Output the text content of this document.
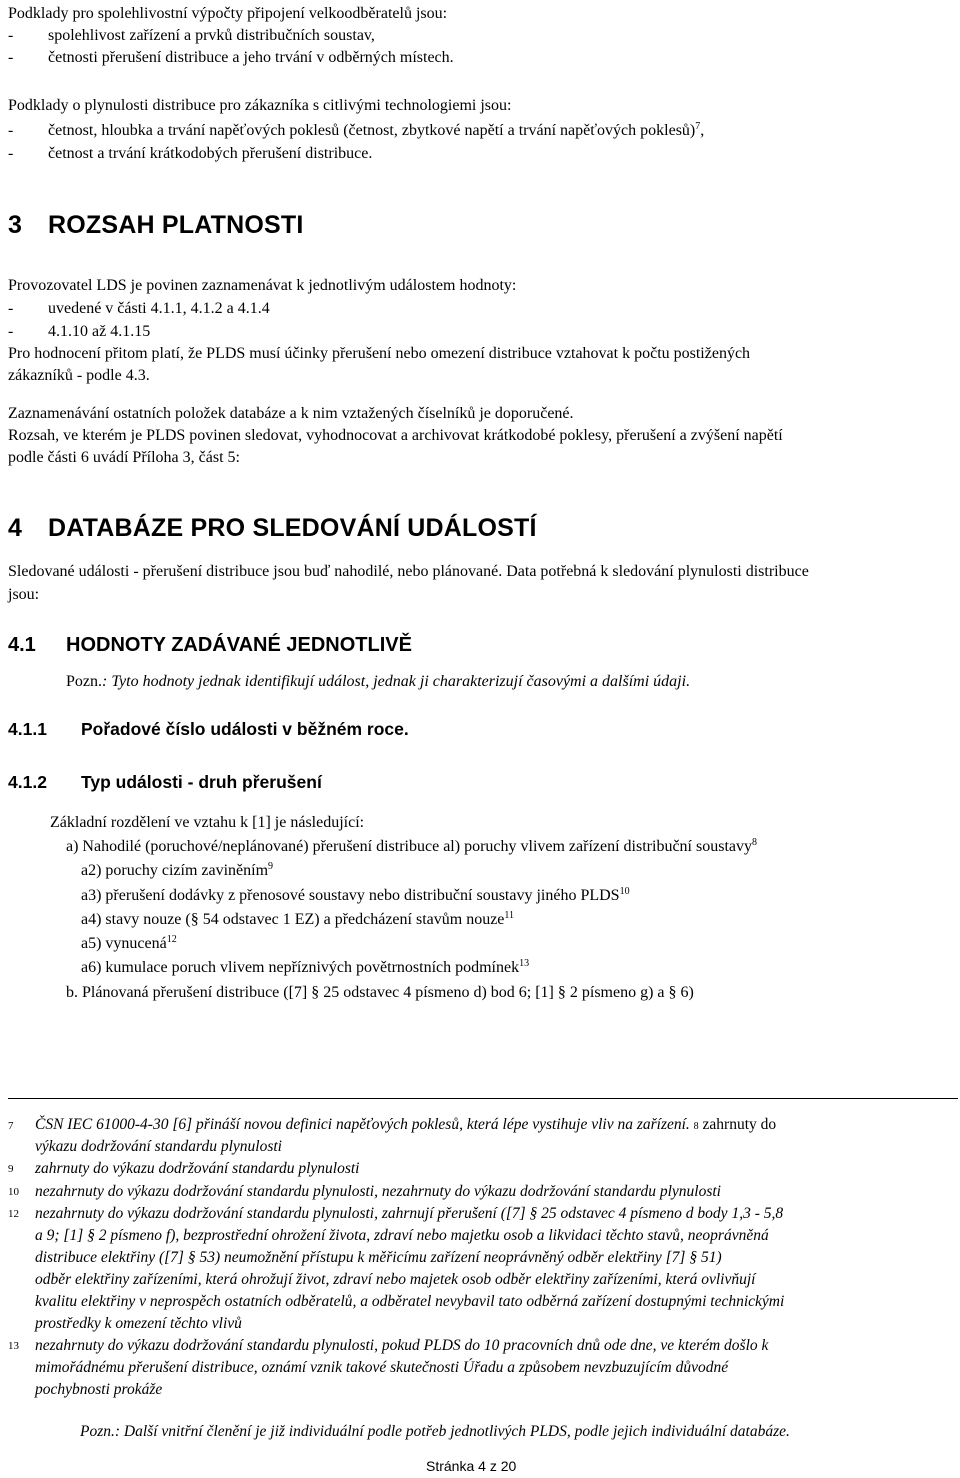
Podklady pro spolehlivostní výpočty připojení velkoodběratelů jsou:
- spolehlivost zařízení a prvků distribučních soustav,
- četnosti přerušení distribuce a jeho trvání v odběrných místech.
Podklady o plynulosti distribuce pro zákazníka s citlivými technologiemi jsou:
- četnost, hloubka a trvání napěťových poklesů (četnost, zbytkové napětí a trvání napěťových poklesů)$^7$,
- četnost a trvání krátkodobých přerušení distribuce.
3 ROZSAH PLATNOSTI
Provozovatel LDS je povinen zaznamenávat k jednotlivým událostem hodnoty:
- uvedené v části 4.1.1, 4.1.2 a 4.1.4
- 4.1.10 až 4.1.15
Pro hodnocení přitom platí, že PLDS musí účinky přerušení nebo omezení distribuce vztahovat k počtu postižených
zákazníků - podle 4.3.
Zaznamenávání ostatních položek databáze a k nim vztažených číselníků je doporučené.
Rozsah, ve kterém je PLDS povinen sledovat, vyhodnocovat a archivovat krátkodobé poklesy, přerušení a zvýšení napětí
podle části 6 uvádí Příloha 3, část 5:
4 DATABÁZE PRO SLEDOVÁNÍ UDÁLOSTÍ
Sledované události - přerušení distribuce jsou buď nahodilé, nebo plánované. Data potřebná k sledování plynulosti distribuce
jsou:
4.1 HODNOTY ZADÁVANÉ JEDNOTLIVĚ
Pozn.: Tyto hodnoty jednak identifikují událost, jednak ji charakterizují časovými a dalšími údaji.
4.1.1 Pořadové číslo události v běžném roce.
4.1.2 Typ události - druh přerušení
Základní rozdělení ve vztahu k [1] je následující:
a) Nahodilé (poruchové/neplánované) přerušení distribuce al) poruchy vlivem zařízení distribuční soustavy$^8$
a2) poruchy cizím zaviněním$^9$
a3) přerušení dodávky z přenosové soustavy nebo distribuční soustavy jiného PLDS$^{10}$
a4) stavy nouze (§ 54 odstavec 1 EZ) a předcházení stavům nouze$^{11}$
a5) vynucená$^{12}$
a6) kumulace poruch vlivem nepříznivých povětrnostních podmínek$^{13}$
b. Plánovaná přerušení distribuce ([7] § 25 odstavec 4 písmeno d) bod 6; [1] § 2 písmeno g) a § 6)
7 ČSN IEC 61000-4-30 [6] přináší novou definici napěťových poklesů, která lépe vystihuje vliv na zařízení. 8 zahrnuty do
výkazu dodržování standardu plynulosti
9 zahrnuty do výkazu dodržování standardu plynulosti
10 nezahrnuty do výkazu dodržování standardu plynulosti, nezahrnuty do výkazu dodržování standardu plynulosti
12 nezahrnuty do výkazu dodržování standardu plynulosti, zahrnují přerušení ([7] § 25 odstavec 4 písmeno d body 1,3 - 5,8
a 9; [1] § 2 písmeno f), bezprostřední ohrožení života, zdraví nebo majetku osob a likvidaci těchto stavů, neoprávněná
distribuce elektřiny ([7] § 53) neumožnění přístupu k měřicímu zařízení neoprávněný odběr elektřiny [7] § 51)
odběr elektřiny zařízeními, která ohrožují život, zdraví nebo majetek osob odběr elektřiny zařízeními, která ovlivňují
kvalitu elektřiny v neprospěch ostatních odběratelů, a odběratel nevybavil tato odběrná zařízení dostupnými technickými
prostředky k omezení těchto vlivů
13 nezahrnuty do výkazu dodržování standardu plynulosti, pokud PLDS do 10 pracovních dnů ode dne, ve kterém došlo k
mimořádnému přerušení distribuce, oznámí vznik takové skutečnosti Úřadu a způsobem nevzbuzujícím důvodné
pochybnosti prokáže
Pozn.: Další vnitřní členění je již individuální podle potřeb jednotlivých PLDS, podle jejich individuální databáze.
Stránka 4 z 20
